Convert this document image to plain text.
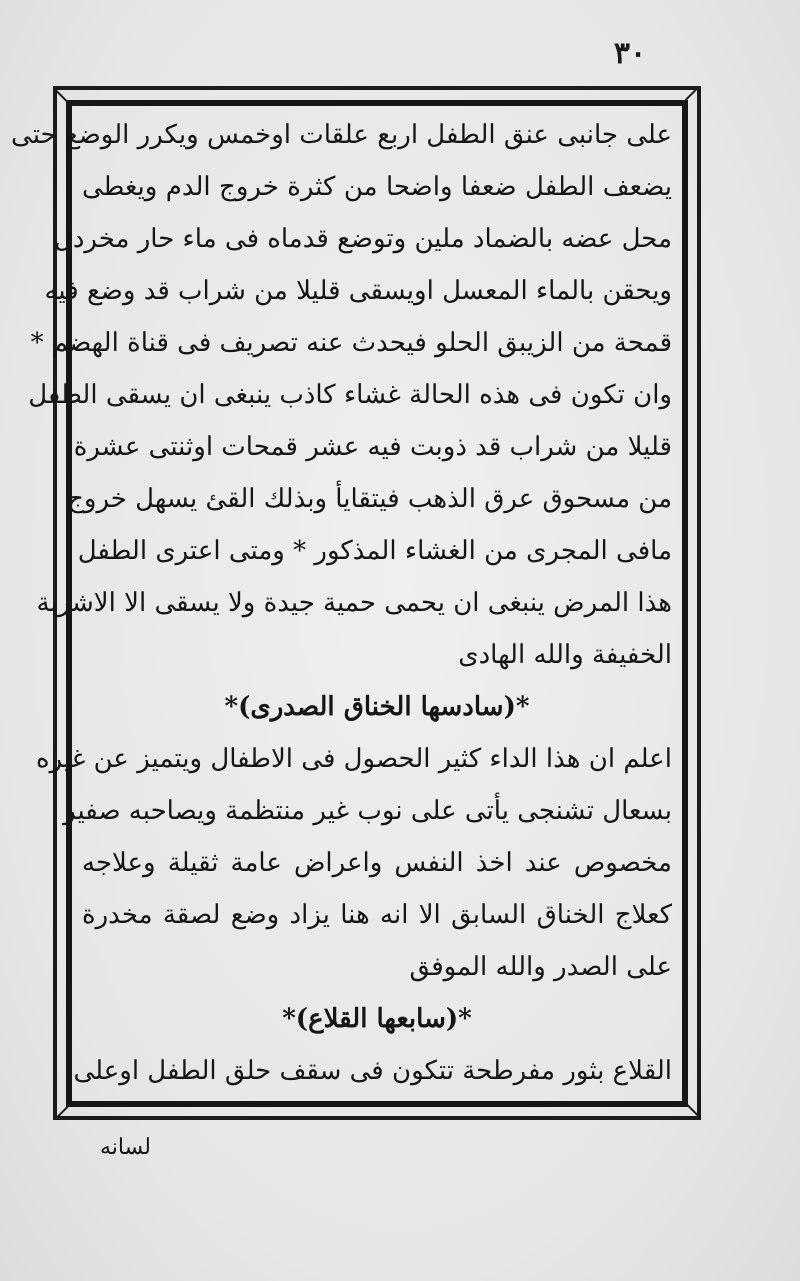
٣٠
على جانبى عنق الطفل اربع علقات اوخمس ويكرر الوضع حتى
يضعف الطفل ضعفا واضحا من كثرة خروج الدم ويغطى
محل عضه بالضماد ملين وتوضع قدماه فى ماء حار مخردل
ويحقن بالماء المعسل اويسقى قليلا من شراب قد وضع فيه
قمحة من الزيبق الحلو فيحدث عنه تصريف فى قناة الهضم *
وان تكون فى هذه الحالة غشاء كاذب ينبغى ان يسقى الطفل
قليلا من شراب قد ذوبت فيه عشر قمحات اوثنتى عشرة
من مسحوق عرق الذهب فيتقايأ وبذلك القئ يسهل خروج
مافى المجرى من الغشاء المذكور * ومتى اعترى الطفل
هذا المرض ينبغى ان يحمى حمية جيدة ولا يسقى الا الاشربة
الخفيفة والله الهادى
*(سادسها الخناق الصدرى)*
اعلم ان هذا الداء كثير الحصول فى الاطفال ويتميز عن غيره
بسعال تشنجى يأتى على نوب غير منتظمة ويصاحبه صفير
مخصوص عند اخذ النفس واعراض عامة ثقيلة وعلاجه
كعلاج الخناق السابق الا انه هنا يزاد وضع لصقة مخدرة
على الصدر والله الموفق
*(سابعها القلاع)*
القلاع بثور مفرطحة تتكون فى سقف حلق الطفل اوعلى
لسانه
